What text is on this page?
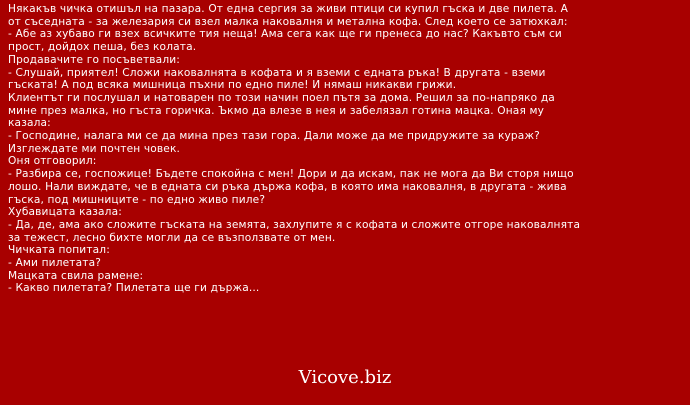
Някакъв чичка отишъл на пазара. От една сергия за живи птици си купил гъска и две пилета. А
от съседната - за железария си взел малка наковалня и метална кофа. След което се затюхкал:
- Абе аз хубаво ги взех всичките тия неща! Ама сега как ще ги пренеса до нас? Какъвто съм си
прост, дойдох пеша, без колата.
Продавачите го посъветвали:
- Слушай, приятел! Сложи наковалнята в кофата и я вземи с едната ръка! В другата - вземи
гъската! А под всяка мишница пъхни по едно пиле! И нямаш никакви грижи.
Клиентът ги послушал и натоварен по този начин поел пътя за дома. Решил за по-напряко да
мине през малка, но гъста горичка. Ъкмо да влезе в нея и забелязал готина мацка. Оная му
казала:
- Господине, налага ми се да мина през тази гора. Дали може да ме придружите за кураж?
Изглеждате ми почтен човек.
Оня отговорил:
- Разбира се, госпожице! Бъдете спокойна с мен! Дори и да искам, пак не мога да Ви сторя нищо
лошо. Нали виждате, че в едната си ръка държа кофа, в която има наковалня, в другата - жива
гъска, под мишниците - по едно живо пиле?
Хубавицата казала:
- Да, де, ама ако сложите гъската на земята, захлупите я с кофата и сложите отгоре наковалнята
за тежест, лесно бихте могли да се възползвате от мен.
Чичката попитал:
- Ами пилетата?
Мацката свила рамене:
- Какво пилетата? Пилетата ще ги държа...
Vicove.biz
